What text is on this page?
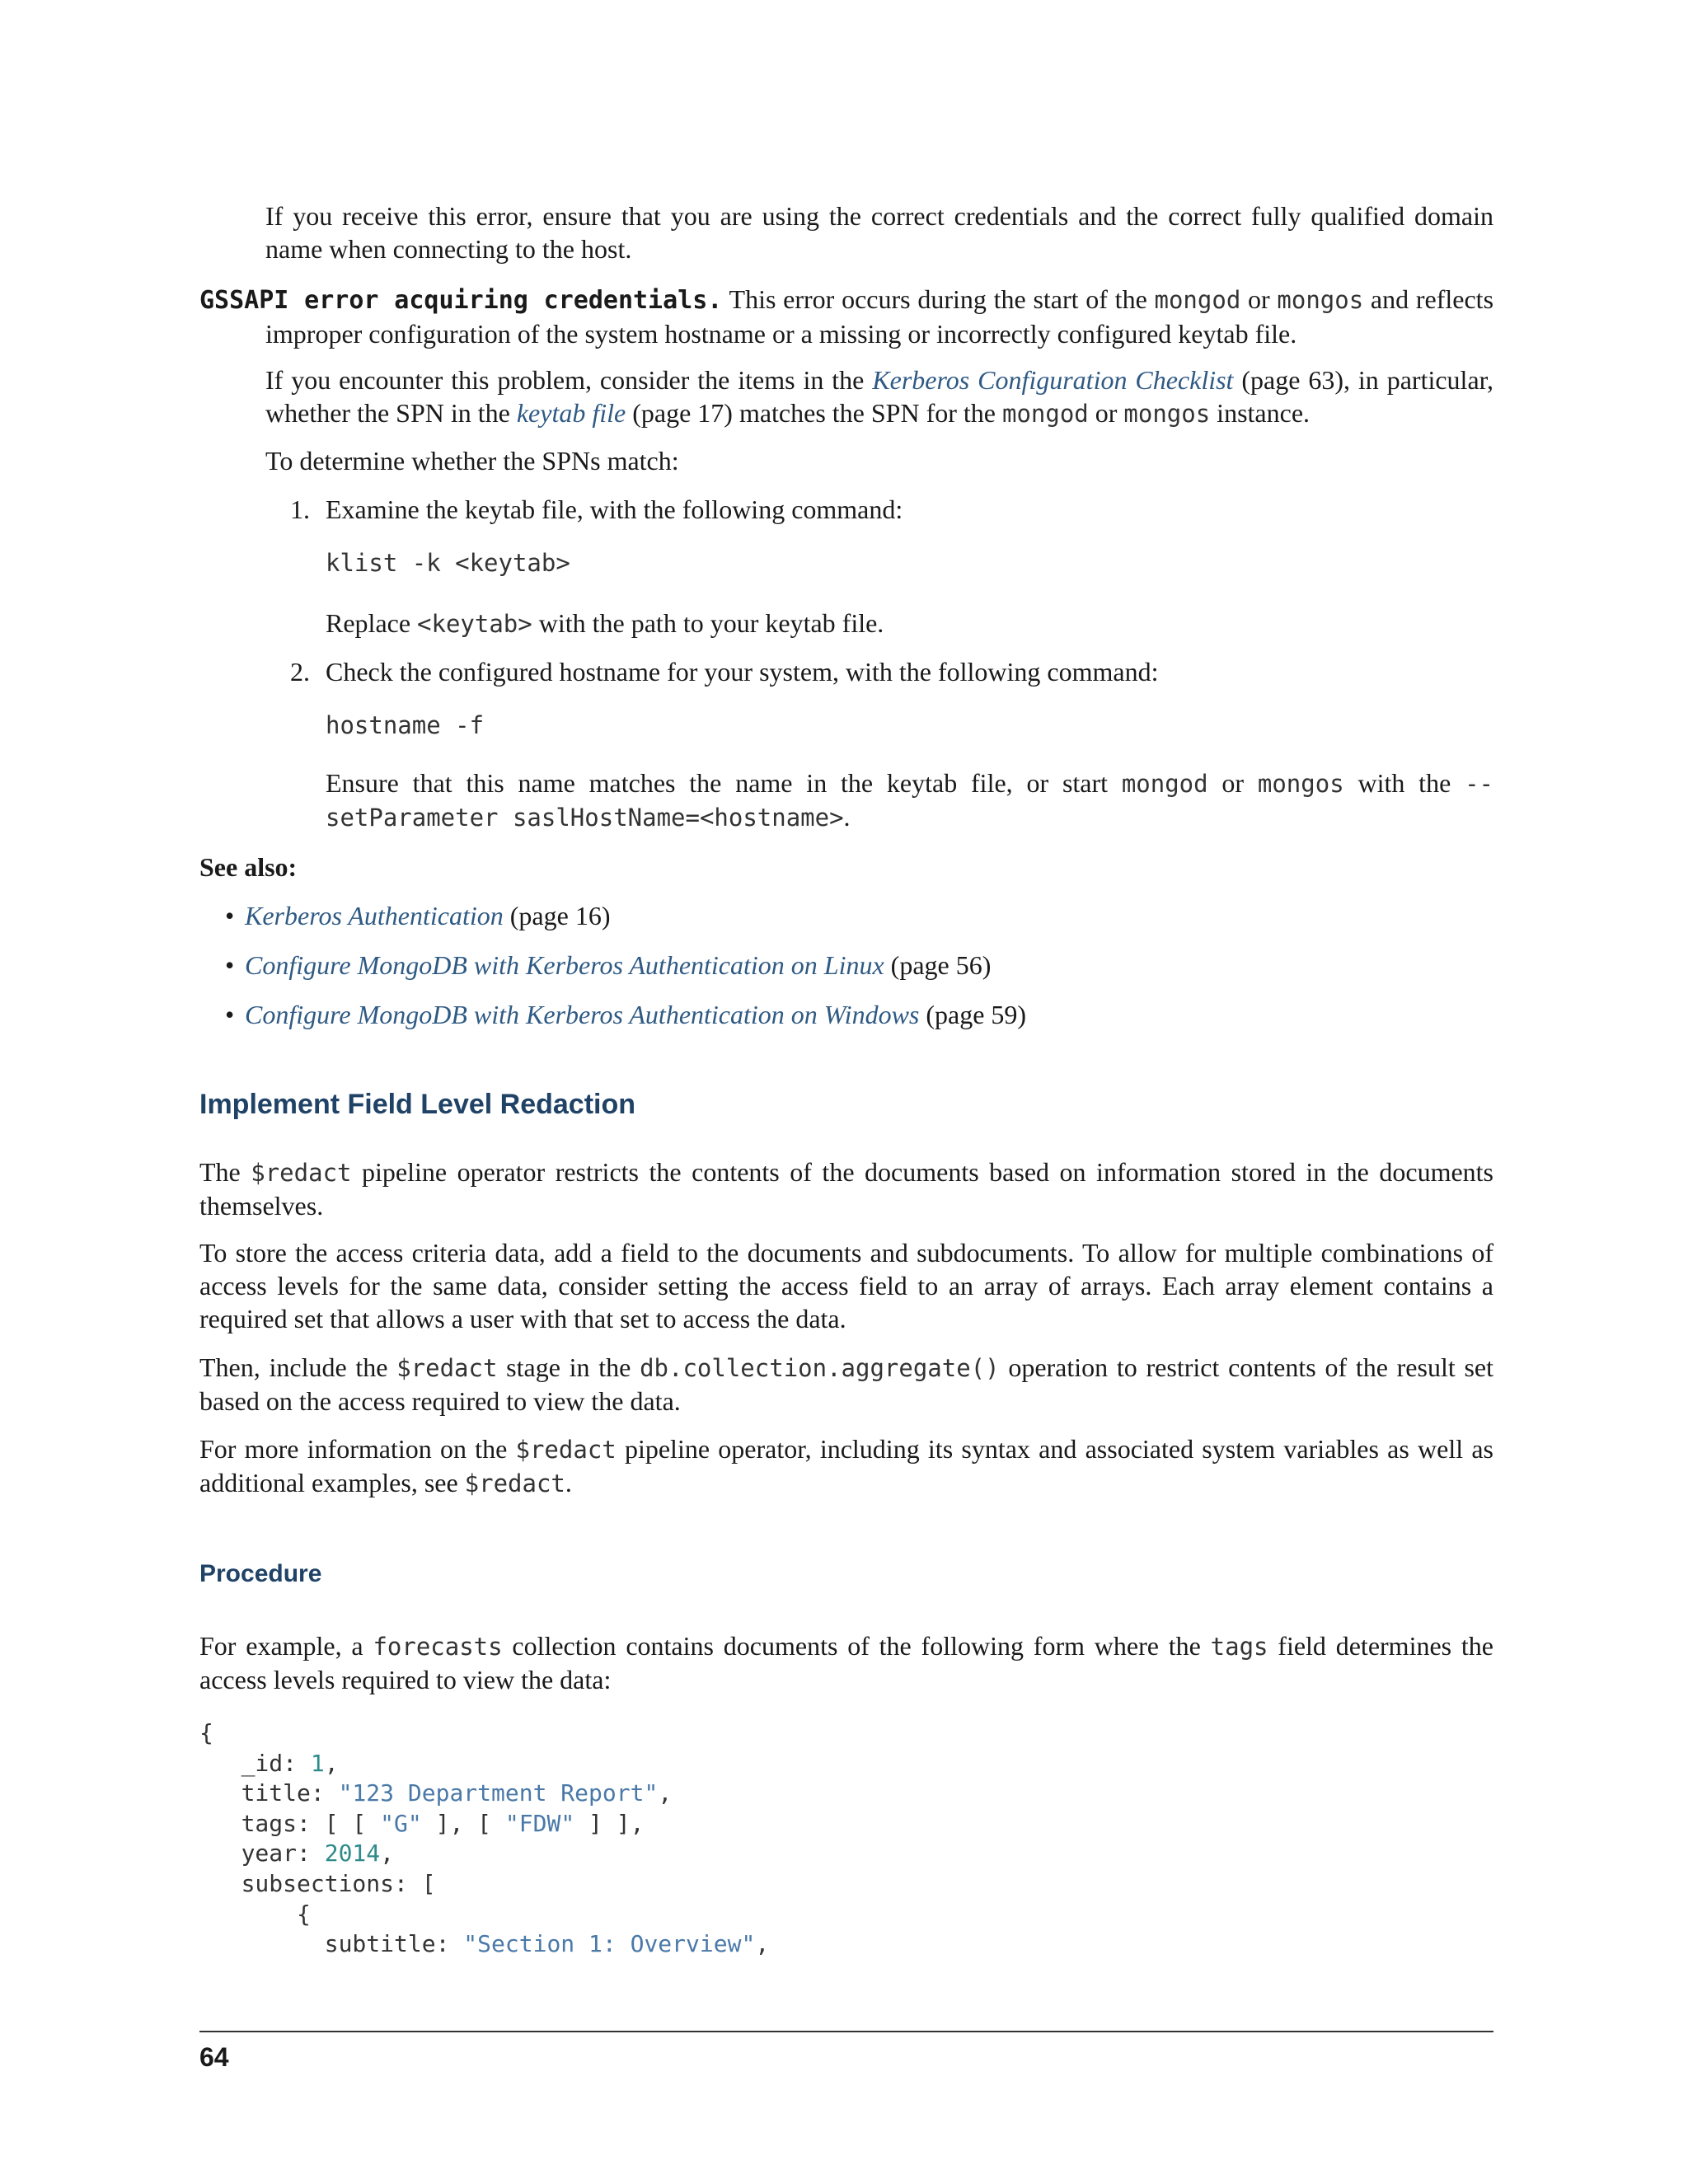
If you receive this error, ensure that you are using the correct credentials and the correct fully qualified domain name when connecting to the host.

GSSAPI error acquiring credentials. This error occurs during the start of the mongod or mongos and reflects improper configuration of the system hostname or a missing or incorrectly configured keytab file.

If you encounter this problem, consider the items in the Kerberos Configuration Checklist (page 63), in particular, whether the SPN in the keytab file (page 17) matches the SPN for the mongod or mongos instance.

To determine whether the SPNs match:

1. Examine the keytab file, with the following command:

klist -k <keytab>

Replace <keytab> with the path to your keytab file.

2. Check the configured hostname for your system, with the following command:

hostname -f

Ensure that this name matches the name in the keytab file, or start mongod or mongos with the --setParameter saslHostName=<hostname>.

See also:

• Kerberos Authentication (page 16)

• Configure MongoDB with Kerberos Authentication on Linux (page 56)

• Configure MongoDB with Kerberos Authentication on Windows (page 59)

Implement Field Level Redaction

The $redact pipeline operator restricts the contents of the documents based on information stored in the documents themselves.

To store the access criteria data, add a field to the documents and subdocuments. To allow for multiple combinations of access levels for the same data, consider setting the access field to an array of arrays. Each array element contains a required set that allows a user with that set to access the data.

Then, include the $redact stage in the db.collection.aggregate() operation to restrict contents of the result set based on the access required to view the data.

For more information on the $redact pipeline operator, including its syntax and associated system variables as well as additional examples, see $redact.

Procedure

For example, a forecasts collection contains documents of the following form where the tags field determines the access levels required to view the data:

{
_id: 1,
title: "123 Department Report",
tags: [ [ "G" ], [ "FDW" ] ],
year: 2014,
subsections: [
{
subtitle: "Section 1: Overview",
64
